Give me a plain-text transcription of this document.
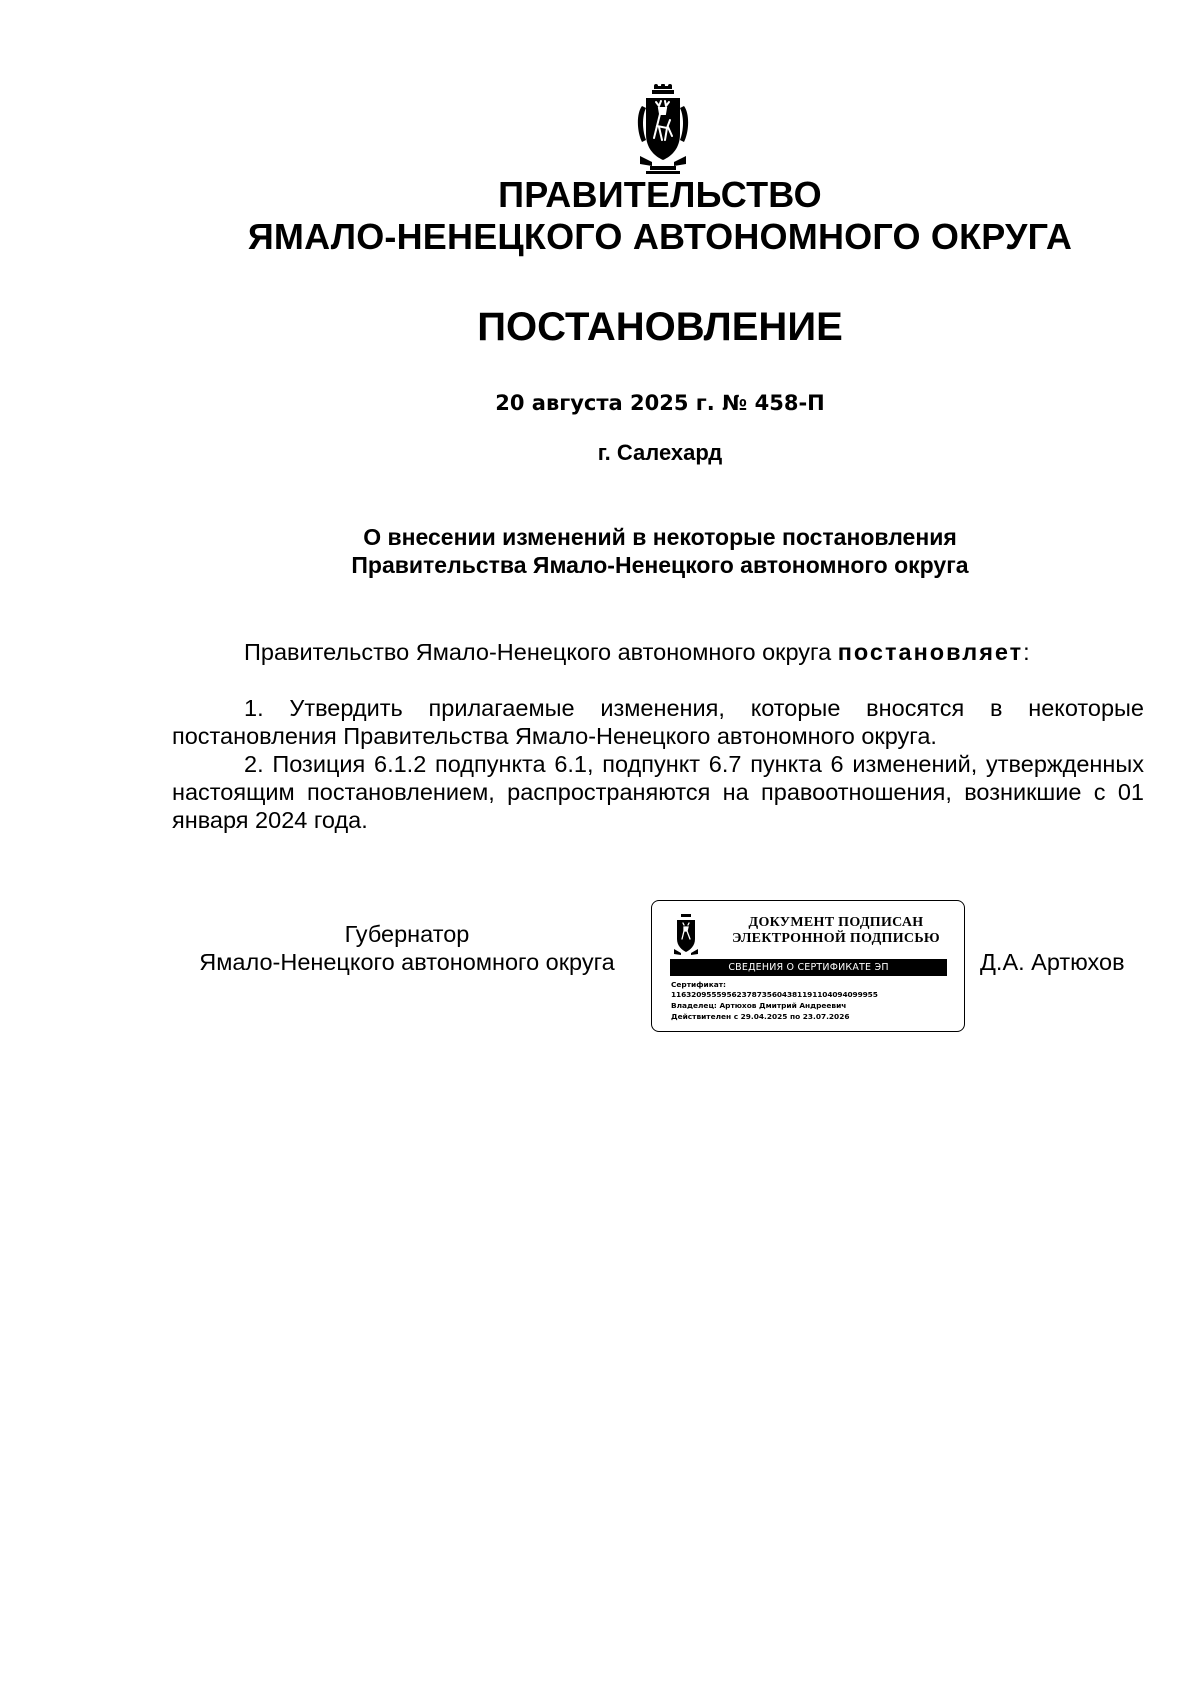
ПРАВИТЕЛЬСТВО
ЯМАЛО-НЕНЕЦКОГО АВТОНОМНОГО ОКРУГА
ПОСТАНОВЛЕНИЕ
20 августа 2025 г. № 458-П
г. Салехард
О внесении изменений в некоторые постановления
Правительства Ямало-Ненецкого автономного округа
Правительство Ямало-Ненецкого автономного округа постановляет:
1. Утвердить прилагаемые изменения, которые вносятся в некоторые постановления Правительства Ямало-Ненецкого автономного округа.
2. Позиция 6.1.2 подпункта 6.1, подпункт 6.7 пункта 6 изменений, утвержденных настоящим постановлением, распространяются на правоотношения, возникшие с 01 января 2024 года.
Губернатор
Ямало-Ненецкого автономного округа
ДОКУМЕНТ ПОДПИСАН
ЭЛЕКТРОННОЙ ПОДПИСЬЮ
СВЕДЕНИЯ О СЕРТИФИКАТЕ ЭП
Сертификат:
11632095559562378735604381191104094099955
Владелец: Артюхов Дмитрий Андреевич
Действителен с 29.04.2025 по 23.07.2026
Д.А. Артюхов
